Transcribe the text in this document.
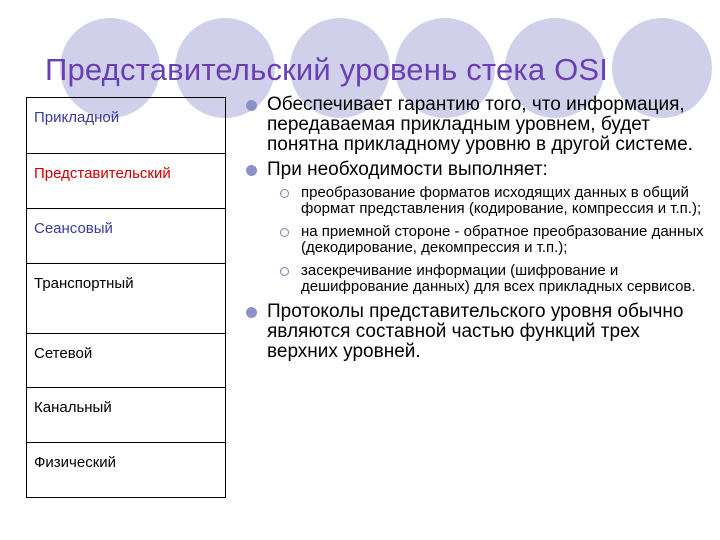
Представительский уровень стека OSI
Прикладной
Представительский
Сеансовый
Транспортный
Сетевой
Канальный
Физический
Обеспечивает гарантию того, что информация, передаваемая прикладным уровнем, будет понятна прикладному уровню в другой системе.
При необходимости выполняет:
преобразование форматов исходящих данных в общий формат представления (кодирование, компрессия и т.п.);
на приемной стороне - обратное преобразование данных (декодирование, декомпрессия и т.п.);
засекречивание информации (шифрование и дешифрование данных) для всех прикладных сервисов.
Протоколы представительского уровня обычно являются составной частью функций трех верхних уровней.
